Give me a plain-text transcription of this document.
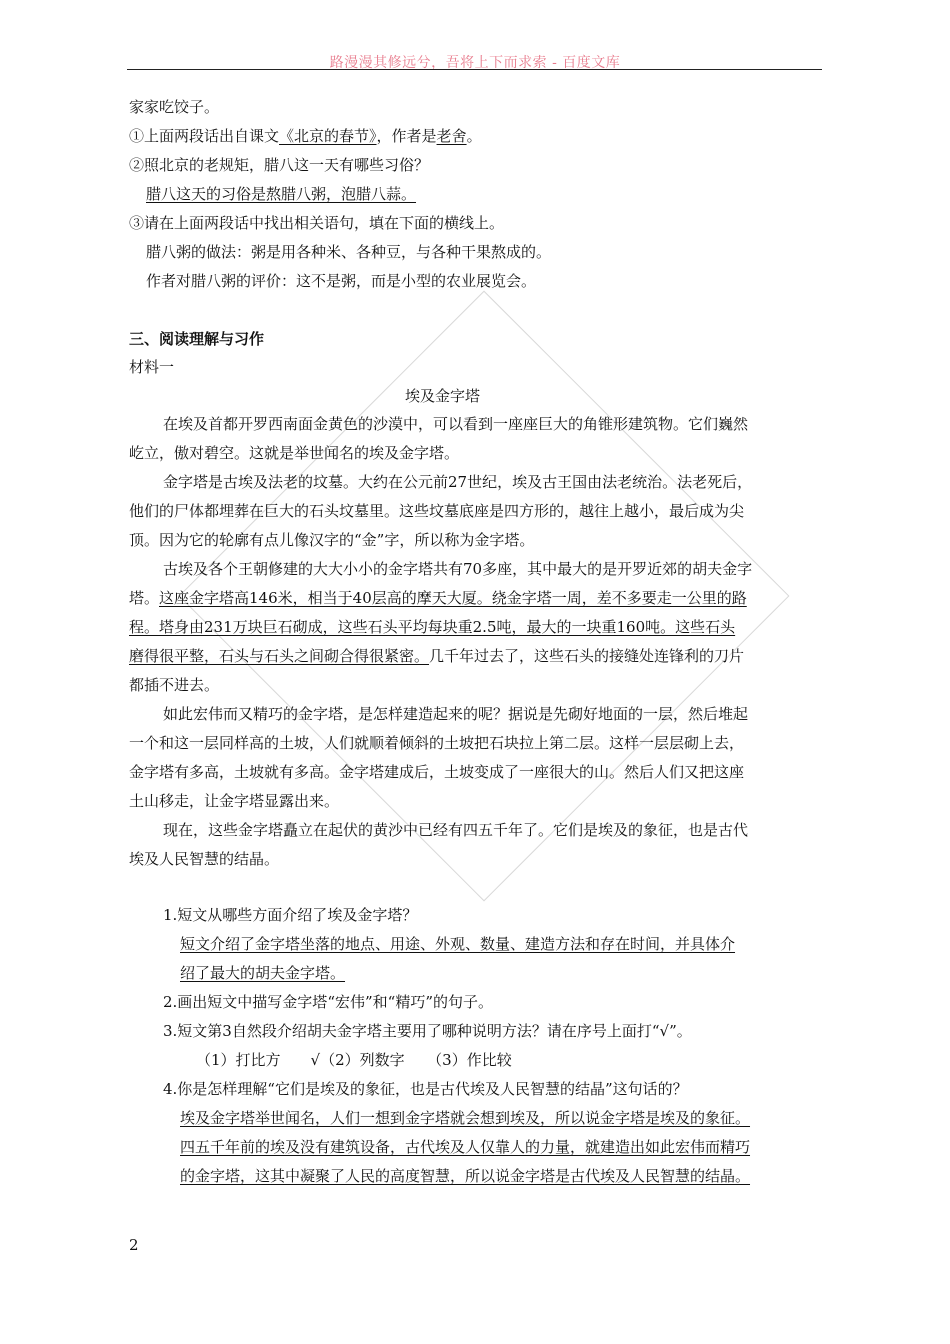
路漫漫其修远兮，吾将上下而求索 - 百度文库
家家吃饺子。
①上面两段话出自课文《北京的春节》，作者是老舍。
②照北京的老规矩，腊八这一天有哪些习俗？
腊八这天的习俗是熬腊八粥，泡腊八蒜。
③请在上面两段话中找出相关语句，填在下面的横线上。
腊八粥的做法：粥是用各种米、各种豆，与各种干果熬成的。
作者对腊八粥的评价：这不是粥，而是小型的农业展览会。
三、阅读理解与习作
材料一
埃及金字塔
在埃及首都开罗西南面金黄色的沙漠中，可以看到一座座巨大的角锥形建筑物。它们巍然
屹立，傲对碧空。这就是举世闻名的埃及金字塔。
金字塔是古埃及法老的坟墓。大约在公元前27世纪，埃及古王国由法老统治。法老死后，
他们的尸体都埋葬在巨大的石头坟墓里。这些坟墓底座是四方形的，越往上越小，最后成为尖
顶。因为它的轮廓有点儿像汉字的“金”字，所以称为金字塔。
古埃及各个王朝修建的大大小小的金字塔共有70多座，其中最大的是开罗近郊的胡夫金字
塔。这座金字塔高146米，相当于40层高的摩天大厦。绕金字塔一周，差不多要走一公里的路
程。塔身由231万块巨石砌成，这些石头平均每块重2.5吨，最大的一块重160吨。这些石头
磨得很平整，石头与石头之间砌合得很紧密。几千年过去了，这些石头的接缝处连锋利的刀片
都插不进去。
如此宏伟而又精巧的金字塔，是怎样建造起来的呢？据说是先砌好地面的一层，然后堆起
一个和这一层同样高的土坡，人们就顺着倾斜的土坡把石块拉上第二层。这样一层层砌上去，
金字塔有多高，土坡就有多高。金字塔建成后，土坡变成了一座很大的山。然后人们又把这座
土山移走，让金字塔显露出来。
现在，这些金字塔矗立在起伏的黄沙中已经有四五千年了。它们是埃及的象征，也是古代
埃及人民智慧的结晶。
1.短文从哪些方面介绍了埃及金字塔？
短文介绍了金字塔坐落的地点、用途、外观、数量、建造方法和存在时间，并具体介
绍了最大的胡夫金字塔。
2.画出短文中描写金字塔“宏伟”和“精巧”的句子。
3.短文第3自然段介绍胡夫金字塔主要用了哪种说明方法？请在序号上面打“√”。
（1）打比方　　√（2）列数字　　（3）作比较
4.你是怎样理解“它们是埃及的象征，也是古代埃及人民智慧的结晶”这句话的？
埃及金字塔举世闻名，人们一想到金字塔就会想到埃及，所以说金字塔是埃及的象征。
四五千年前的埃及没有建筑设备，古代埃及人仅靠人的力量，就建造出如此宏伟而精巧
的金字塔，这其中凝聚了人民的高度智慧，所以说金字塔是古代埃及人民智慧的结晶。
2
